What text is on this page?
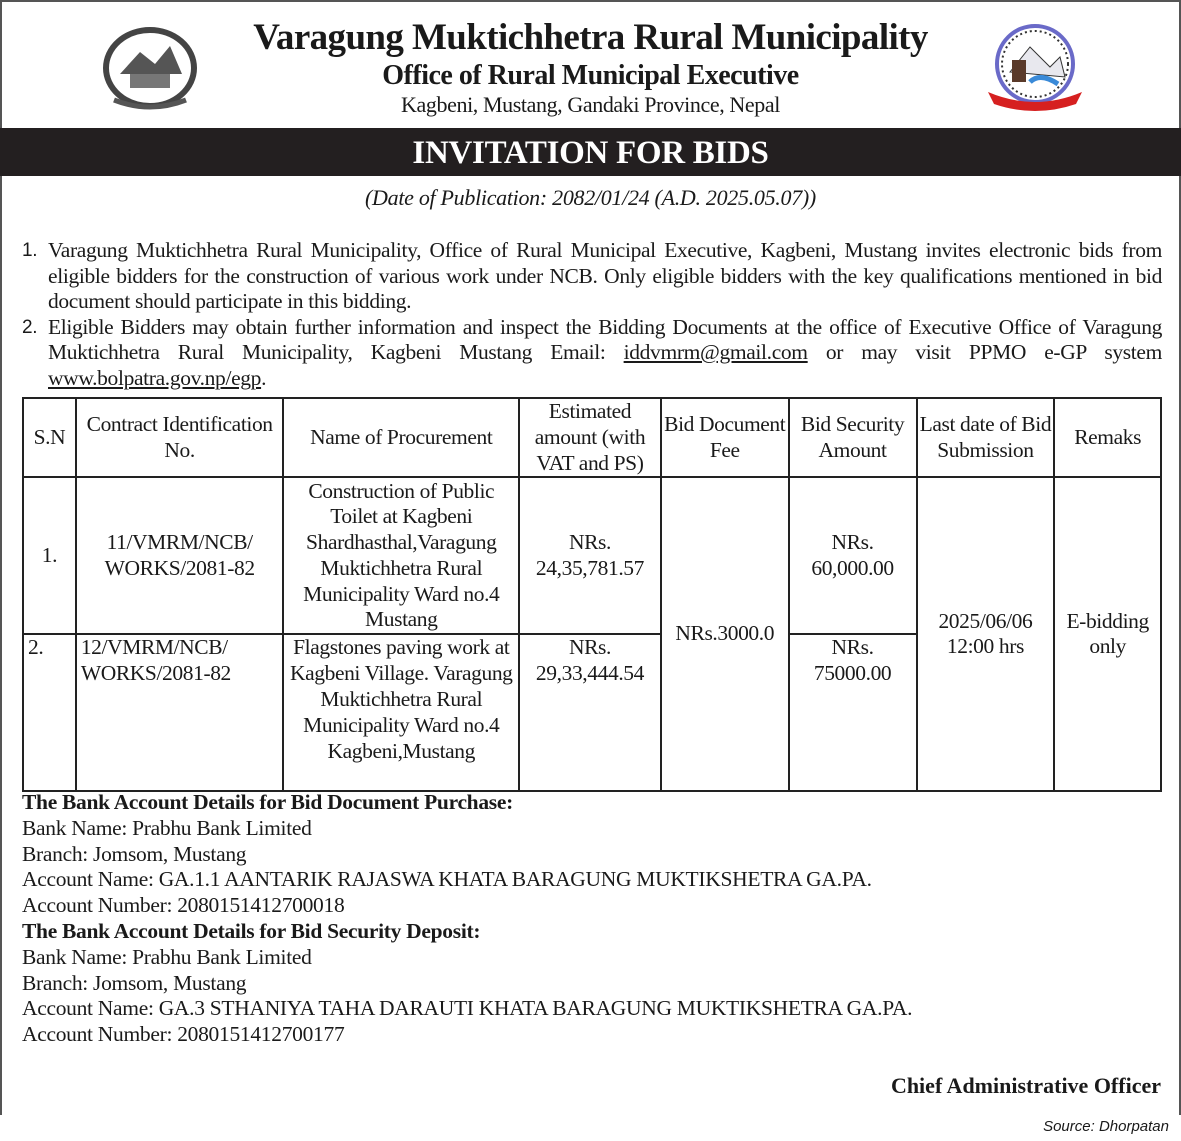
Varagung Muktichhetra Rural Municipality
Office of Rural Municipal Executive
Kagbeni, Mustang, Gandaki Province, Nepal
INVITATION FOR BIDS
(Date of Publication: 2082/01/24 (A.D. 2025.05.07))
1. Varagung Muktichhetra Rural Municipality, Office of Rural Municipal Executive, Kagbeni, Mustang invites electronic bids from eligible bidders for the construction of various work under NCB. Only eligible bidders with the key qualifications mentioned in bid document should participate in this bidding.
2. Eligible Bidders may obtain further information and inspect the Bidding Documents at the office of Executive Office of Varagung Muktichhetra Rural Municipality, Kagbeni Mustang Email: iddvmrm@gmail.com or may visit PPMO e-GP system www.bolpatra.gov.np/egp.
S.N	Contract Identification No.	Name of Procurement	Estimated amount (with VAT and PS)	Bid Document Fee	Bid Security Amount	Last date of Bid Submission	Remaks
1.	11/VMRM/NCB/ WORKS/2081-82	Construction of Public Toilet at Kagbeni Shardhasthal,Varagung Muktichhetra Rural Municipality Ward no.4 Mustang	NRs. 24,35,781.57	NRs.3000.0	NRs. 60,000.00	2025/06/06 12:00 hrs	E-bidding only
2.	12/VMRM/NCB/ WORKS/2081-82	Flagstones paving work at Kagbeni Village. Varagung Muktichhetra Rural Municipality Ward no.4 Kagbeni,Mustang	NRs. 29,33,444.54		NRs. 75000.00		
The Bank Account Details for Bid Document Purchase:
Bank Name: Prabhu Bank Limited
Branch: Jomsom, Mustang
Account Name: GA.1.1 AANTARIK RAJASWA KHATA BARAGUNG MUKTIKSHETRA GA.PA.
Account Number: 2080151412700018
The Bank Account Details for Bid Security Deposit:
Bank Name: Prabhu Bank Limited
Branch: Jomsom, Mustang
Account Name: GA.3 STHANIYA TAHA DARAUTI KHATA BARAGUNG MUKTIKSHETRA GA.PA.
Account Number: 2080151412700177
Chief Administrative Officer
Source: Dhorpatan
